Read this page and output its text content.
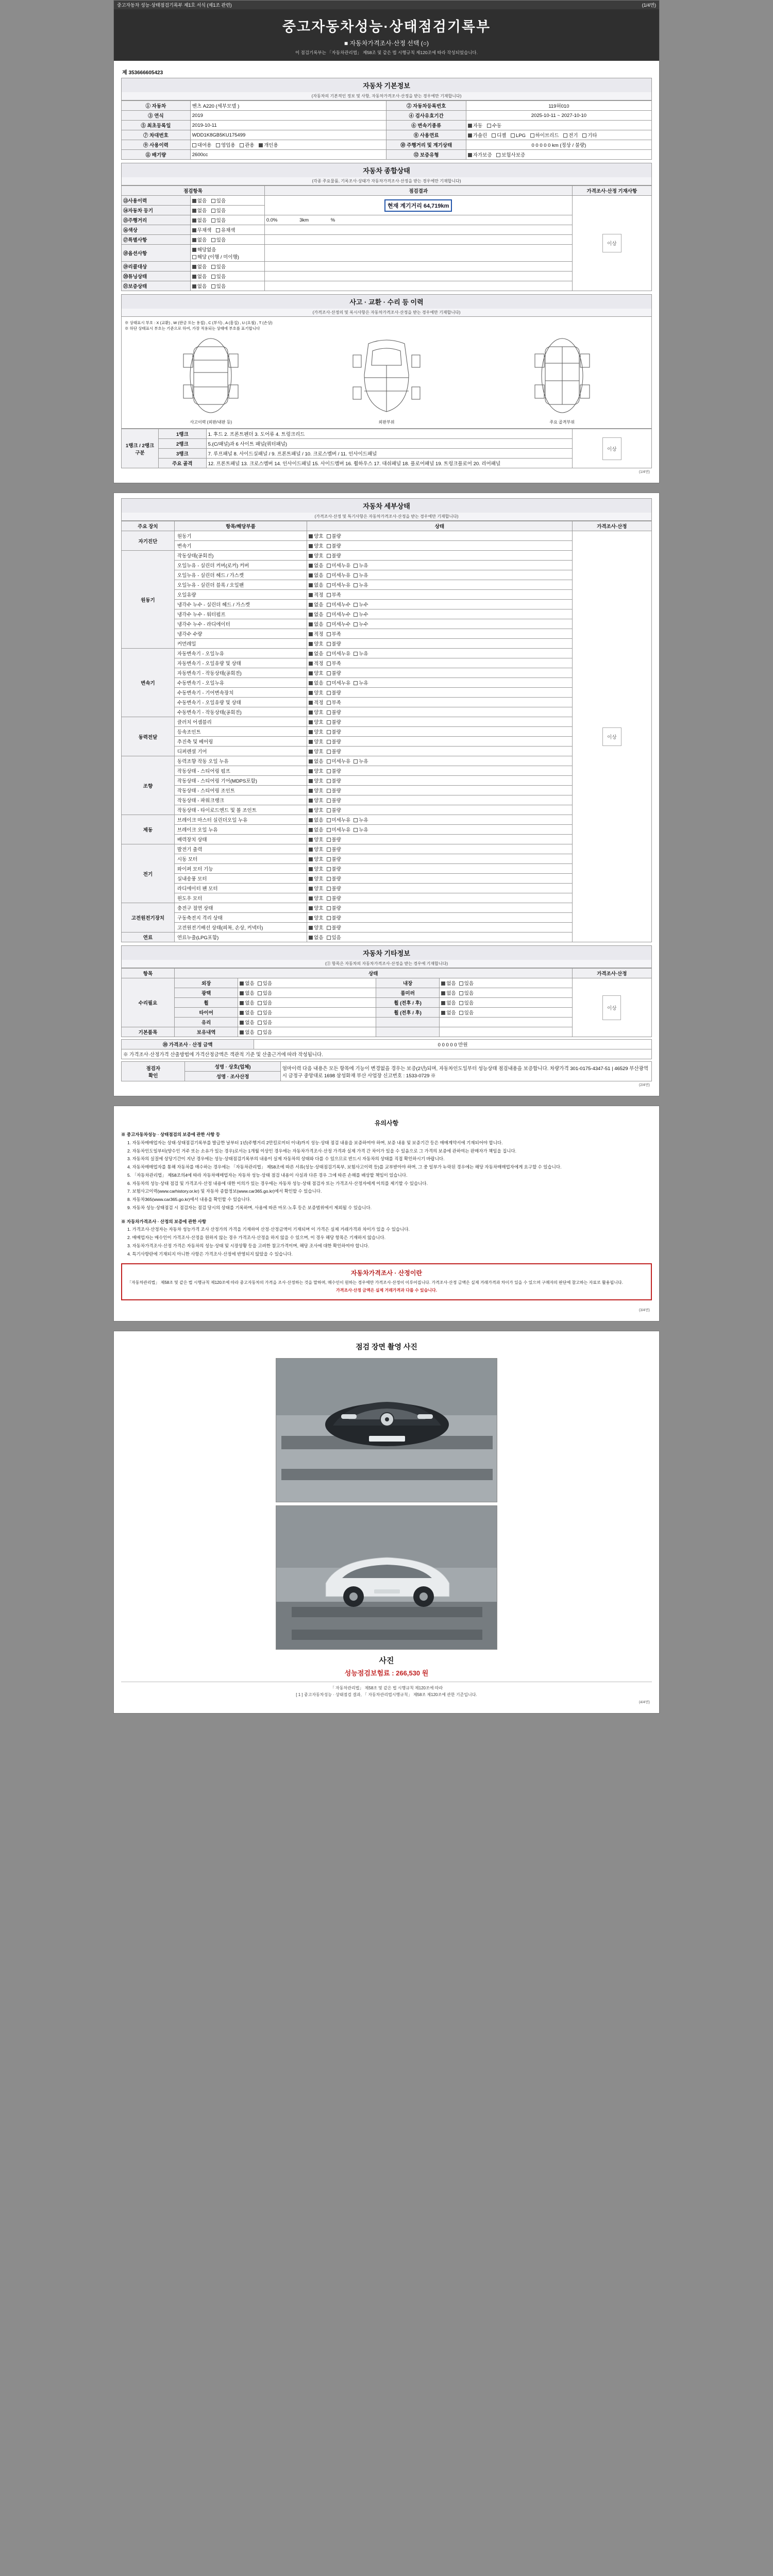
중고자동차 성능·상태점검기록부 제1호 서식 (제1조 관련)	(1/4면)
중고자동차성능·상태점검기록부
■ 자동차가격조사·산정 선택 (○)
이 점검기록부는 「자동차관리법」 제58조 및 같은 법 시행규칙 제120조에 따라 작성되었습니다.
제 353666605423
자동차 기본정보
(자동차의 기본적인 정보 및 사항, 자동차가격조사·산정을 받는 경우에만 기재합니다)
① 자동차	벤츠 A220 (세부모델 )	② 자동차등록번호	119허010
③ 연식	2019	④ 검사유효기간	2025-10-11 ~ 2027-10-10
⑤ 최초등록일	2019-10-11	⑥ 변속기종류	자동 수동
⑦ 차대번호	WDD1K8GB5KU175499	⑧ 사용연료	가솔린 디젤 LPG 하이브리드 전기 기타
⑨ 사용이력	대여용 영업용 관용 개인용	⑩ 주행거리 및 계기상태	0 0 0 0 0 km (정상 / 불량)
⑪ 배기량	2600cc	⑫ 보증유형	자가보증 보험사보증
자동차 종합상태
(각종 주요물품, 기록조사·상태가 자동차가격조사·산정을 받는 경우에만 기재합니다)
점검항목		점검결과	가격조사·산정 기재사항
⑬사용이력	없음 있음	현재 계기거리 64,719km	이상
⑭자동차 등기	없음 있음		
⑮주행거리	없음 있음	0.0% 3km %	
⑯색상	무채색 유채색		
⑰특별사항	없음 있음		
⑱옵션사항	해당없음 해당 (이행 / 미이행)		
⑲리콜대상	없음 있음		
⑳튜닝상태	없음 있음		
㉑보증상태	없음 있음		
사고 · 교환 · 수리 등 이력
(가격조사·산정의 및 록시사항은 자동차가격조사·산정을 받는 경우에만 기재합니다)
※ 상태표시 부호 : X (교환) , W (판금 또는 용접) , C (부식) , A (흠집) , U (요철) , T (손상)
※ 하단 상태표시 부호는 기준으로 하여, 가장 적용되는 상태에 부호를 표기합니다
사고이력 (외판/내판 등)	외판부위	주요 골격부위
1랭크 / 2랭크 구분	1랭크	1. 후드 2. 프론트펜더 3. 도어류 4. 트렁크리드	이상
	2랭크	5.(C/패널)과 6 사이트 패널(쿼터패널)	
	3랭크	7. 루프패널 8. 사이드실패널 / 9. 프론트패널 / 10. 크로스멤버 / 11. 인사이드패널	
	주요 골격	12. 프론트패널 13. 크로스멤버 14. 인사이드패널 15. 사이드멤버 16. 휠하우스 17. 대쉬패널 18. 플로어패널 19. 트렁크플로어 20. 리어패널	
(1/4면)
자동차 세부상태
(가격조사·산정 및 특기사항은 자동차가격조사·산정을 받는 경우에만 기재합니다)
주요 장치	항목/해당부품	상태	가격조사·산정
자기진단	원동기	양호 불량	이상
	변속기	양호 불량	
원동기	작동상태(공회전)	양호 불량	
	오일누유 - 실린더 커버(로커) 커버	없음 미세누유 누유	
	오일누유 - 실린더 헤드 / 가스켓	없음 미세누유 누유	
	오일누유 - 실린더 블록 / 오일팬	없음 미세누유 누유	
	오일유량	적정 부족	
	냉각수 누수 - 실린더 헤드 / 가스켓	없음 미세누수 누수	
	냉각수 누수 - 워터펌프	없음 미세누수 누수	
	냉각수 누수 - 라디에이터	없음 미세누수 누수	
	냉각수 수량	적정 부족	
	커먼레일	양호 불량	
변속기	자동변속기 - 오일누유	없음 미세누유 누유	
	자동변속기 - 오일유량 및 상태	적정 부족	
	자동변속기 - 작동상태(공회전)	양호 불량	
	수동변속기 - 오일누유	없음 미세누유 누유	
	수동변속기 - 기어변속장치	양호 불량	
	수동변속기 - 오일유량 및 상태	적정 부족	
	수동변속기 - 작동상태(공회전)	양호 불량	
동력전달	클러치 어셈블리	양호 불량	
	등속조인트	양호 불량	
	추진축 및 베어링	양호 불량	
	디퍼렌셜 기어	양호 불량	
조향	동력조향 작동 오일 누유	없음 미세누유 누유	
	작동상태 - 스티어링 펌프	양호 불량	
	작동상태 - 스티어링 기어(MDPS포함)	양호 불량	
	작동상태 - 스티어링 조인트	양호 불량	
	작동상태 - 파워크랭크	양호 불량	
	작동상태 - 타이로드엔드 및 볼 조인트	양호 불량	
제동	브레이크 마스터 실린더오일 누유	없음 미세누유 누유	
	브레이크 오일 누유	없음 미세누유 누유	
	배력장치 상태	양호 불량	
전기	발전기 출력	양호 불량	
	시동 모터	양호 불량	
	와이퍼 모터 기능	양호 불량	
	실내송풍 모터	양호 불량	
	라디에이터 팬 모터	양호 불량	
	윈도우 모터	양호 불량	
고전원전기장치	충전구 절연 상태	양호 불량	
	구동축전지 격리 상태	양호 불량	
	고전원전기배선 상태(피복, 손상, 커넥터)	양호 불량	
연료	연료누출(LPG포함)	없음 있음	
자동차 기타정보
(③ 항목은 자동차의 자동차가격조사·산정을 받는 경우에 기재합니다)
항목	상태				가격조사·산정
수리필요	외장	없음 있음	내장	없음 있음	이상
	광택	없음 있음	룸미러	없음 있음	
	휠	없음 있음	휠 (전후 / 후)	없음 있음	
	타이어	없음 있음	휠 (전후 / 후)	없음 있음	
	유리	없음 있음			
기본품목	보유내역	없음 있음			
㉚ 가격조사 · 산정 금액	0 0 0 0 0 만원
※ 가격조사·산정가격 산출방법에 가격산정금액은 객관적 기준 및 산출근거에 따라 작성됩니다.
점검자
확인	성명 · 상호(업체)	엄마이력 다음 내용은 모든 항목에 기능이 변경없을 경우는 보증(2년)되며, 자동차인도일부터 성능상태 점검내용을 보증합니다. 차량가격 301-0175-4347-51 | 46529 부산광역시 금정구 중앙대로 1698 삼성화재 부산 사업장 신고번호 : 1533-0729 ※
성명 · 조사산정
(2/4면)
유의사항

※ 중고자동차성능 · 상태점검의 보증에 관한 사항 등

1. 자동차매매업자는 상태·상태점검기록부를 발급한 날부터 1년(주행거리 2만킬로미터 이내)까지 성능·상태 점검 내용을 보증하여야 하며, 보증 내용 및 보증기간 등은 매매계약서에 기재되어야 합니다.

2. 자동차인도일부터(양수인 거주 또는 소유가 있는 경우)로서는 1개월 이상인 경우에는 자동차가격조사·산정 가격과 실제 가격 간 차이가 있을 수 있음으로 그 가격의 보증에 관하여는 판매자가 책임을 집니다.

3. 자동차의 실질에 상당기간이 지난 경우에는 성능·상태점검기록부의 내용이 실제 자동차의 상태와 다를 수 있으므로 반드시 자동차의 상태를 직접 확인하시기 바랍니다.

4. 자동차매매업자를 통해 자동차를 매수하는 경우에는 「자동차관리법」 제58조에 따른 서류(성능·상태점검기록부, 보험사고이력 등)를 교부받아야 하며, 그 중 일부가 누락된 경우에는 해당 자동차매매업자에게 요구할 수 있습니다.

5. 「자동차관리법」 제58조의4에 따라 자동차매매업자는 자동차 성능·상태 점검 내용이 사실과 다른 경우 그에 따른 손해를 배상할 책임이 있습니다.

6. 자동차의 성능·상태 점검 및 가격조사·산정 내용에 대한 이의가 있는 경우에는 자동차 성능·상태 점검자 또는 가격조사·산정자에게 이의를 제기할 수 있습니다.

7. 보험사고이력(www.carhistory.or.kr) 및 자동차 종합정보(www.car365.go.kr)에서 확인할 수 있습니다.

8. 자동차365(www.car365.go.kr)에서 내용을 확인할 수 있습니다.

9. 자동차 성능·상태점검 시 점검자는 점검 당시의 상태를 기록하며, 사용에 따른 마모·노후 등은 보증범위에서 제외될 수 있습니다.

※ 자동차가격조사 · 산정의 보증에 관한 사항

1. 가격조사·산정자는 자동차 성능가격 조사 산정가의 가격을 기재하여 산정·산정금액이 기재되며 이 가격은 실제 거래가격과 차이가 있을 수 있습니다.

2. 매매업자는 매수인이 가격조사·산정을 원하지 않는 경우 가격조사·산정을 하지 않을 수 있으며, 이 경우 해당 항목은 기재하지 않습니다.

3. 자동차가격조사·산정 가격은 자동차의 성능·상태 및 시장상황 등을 고려한 참고가격이며, 해당 조사에 대한 확인하여야 합니다.

4. 특기사항란에 기재되지 아니한 사항은 가격조사·산정에 반영되지 않았을 수 있습니다.

자동차가격조사 · 산정이란

「자동차관리법」 제58조 및 같은 법 시행규칙 제120조에 따라 중고자동차의 가격을 조사·산정하는 것을 말하며, 매수인이 원하는 경우에만 가격조사·산정이 이루어집니다. 가격조사·산정 금액은 실제 거래가격과 차이가 있을 수 있으며 구매자의 판단에 참고하는 자료로 활용됩니다.

가격조사·산정 금액은 실제 거래가격과 다를 수 있습니다.

(3/4면)
점검 장면 촬영 사진
사진
성능점검보험료 : 266,530 원
「 자동차관리법」 제58조 및 같은 법 시행규칙 제120조에 따라
[ 1 ] 중고자동차성능 · 상태점검 결과, 「 자동차관리법시행규칙」 제58조 제120조에 관한 기준입니다.
(4/4면)
